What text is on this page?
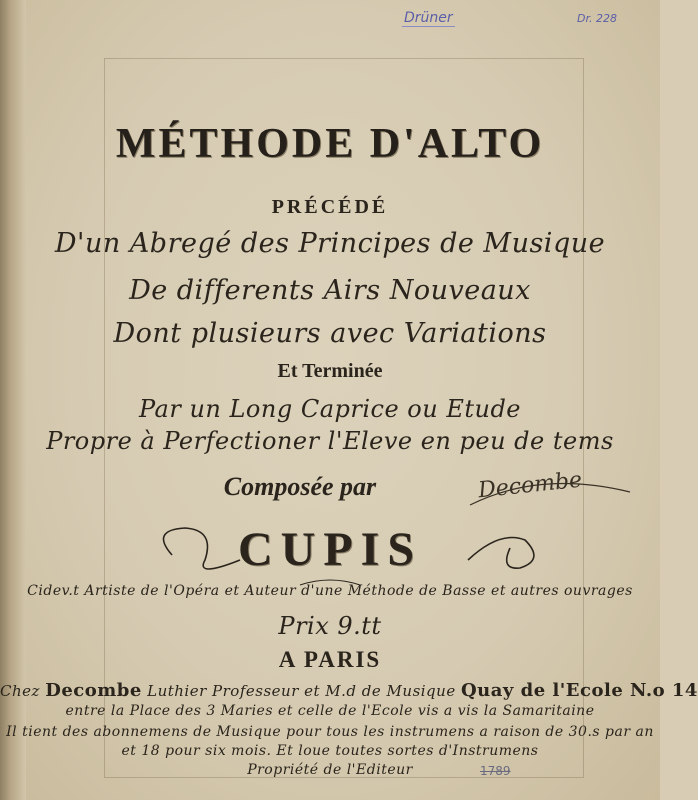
Drüner	Dr. 228
MÉTHODE D'ALTO
PRÉCÉDÉ
D'un Abregé des Principes de Musique
De differents Airs Nouveaux
Dont plusieurs avec Variations
Et Terminée
Par un Long Caprice ou Etude
Propre à Perfectioner l'Eleve en peu de tems
Composée par	Decombe
CUPIS
Cidev.t Artiste de l'Opéra et Auteur d'une Méthode de Basse et autres ouvrages
Prix 9.tt
A PARIS
Chez Decombe Luthier Professeur et M.d de Musique Quay de l'Ecole N.o 14
entre la Place des 3 Maries et celle de l'Ecole vis a vis la Samaritaine
Il tient des abonnemens de Musique pour tous les instrumens a raison de 30.s par an
et 18 pour six mois. Et loue toutes sortes d'Instrumens
Propriété de l'Editeur	1789
